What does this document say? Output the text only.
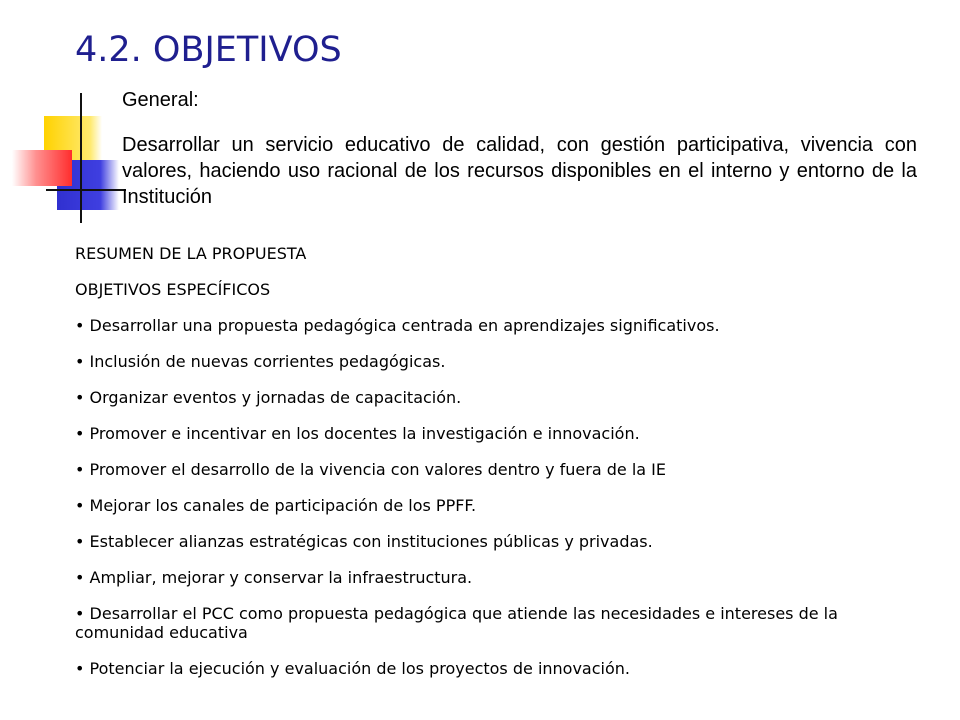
4.2. OBJETIVOS
General:
Desarrollar un servicio educativo de calidad, con gestión participativa, vivencia con valores, haciendo uso racional de los recursos disponibles en el interno y entorno de la Institución
RESUMEN DE LA PROPUESTA
OBJETIVOS ESPECÍFICOS
• Desarrollar una propuesta pedagógica centrada en aprendizajes significativos.
• Inclusión de nuevas corrientes pedagógicas.
• Organizar eventos y jornadas de capacitación.
• Promover e incentivar en los docentes la investigación e innovación.
• Promover el desarrollo de la vivencia con valores dentro y fuera de la IE
• Mejorar los canales de participación de los PPFF.
• Establecer alianzas estratégicas con instituciones públicas y privadas.
• Ampliar, mejorar y conservar la infraestructura.
• Desarrollar el PCC como propuesta pedagógica que atiende las necesidades e intereses de la comunidad educativa
• Potenciar la ejecución y evaluación de los proyectos de innovación.
